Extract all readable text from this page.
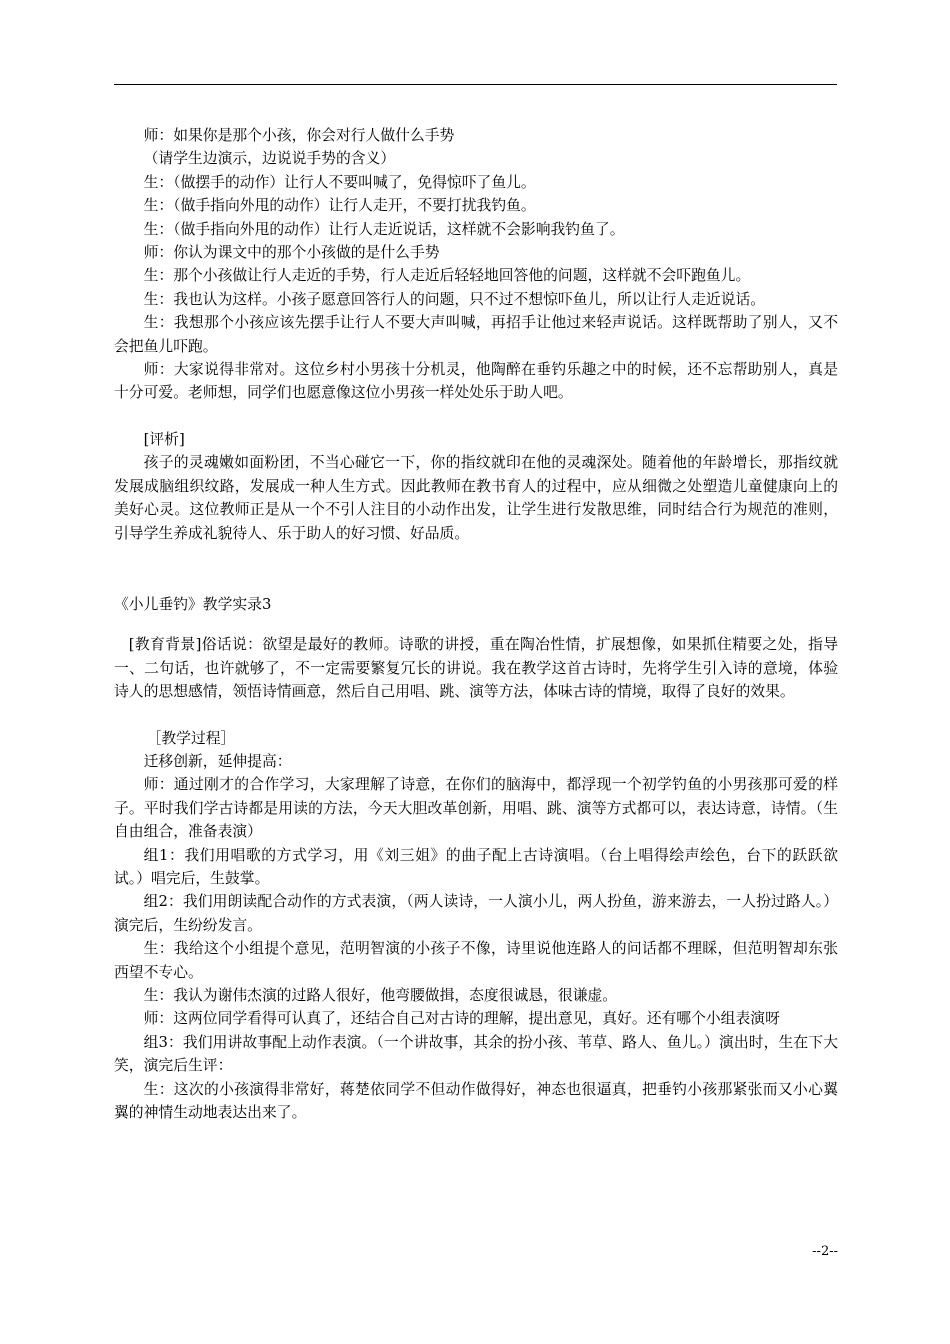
师：如果你是那个小孩，你会对行人做什么手势

（请学生边演示，边说说手势的含义）

生：（做摆手的动作）让行人不要叫喊了，免得惊吓了鱼儿。

生：（做手指向外甩的动作）让行人走开，不要打扰我钓鱼。

生：（做手指向外甩的动作）让行人走近说话，这样就不会影响我钓鱼了。

师：你认为课文中的那个小孩做的是什么手势

生：那个小孩做让行人走近的手势，行人走近后轻轻地回答他的问题，这样就不会吓跑鱼儿。

生：我也认为这样。小孩子愿意回答行人的问题，只不过不想惊吓鱼儿，所以让行人走近说话。

生：我想那个小孩应该先摆手让行人不要大声叫喊，再招手让他过来轻声说话。这样既帮助了别人，又不会把鱼儿吓跑。

师：大家说得非常对。这位乡村小男孩十分机灵，他陶醉在垂钓乐趣之中的时候，还不忘帮助别人，真是十分可爱。老师想，同学们也愿意像这位小男孩一样处处乐于助人吧。

[评析]

孩子的灵魂嫩如面粉团，不当心碰它一下，你的指纹就印在他的灵魂深处。随着他的年龄增长，那指纹就发展成脑组织纹路，发展成一种人生方式。因此教师在教书育人的过程中，应从细微之处塑造儿童健康向上的美好心灵。这位教师正是从一个不引人注目的小动作出发，让学生进行发散思维，同时结合行为规范的准则，引导学生养成礼貌待人、乐于助人的好习惯、好品质。

《小儿垂钓》教学实录3

[教育背景]俗话说：欲望是最好的教师。诗歌的讲授，重在陶冶性情，扩展想像，如果抓住精要之处，指导一、二句话，也许就够了，不一定需要繁复冗长的讲说。我在教学这首古诗时，先将学生引入诗的意境，体验诗人的思想感情，领悟诗情画意，然后自己用唱、跳、演等方法，体味古诗的情境，取得了良好的效果。

［教学过程］

迁移创新，延伸提高：

师：通过刚才的合作学习，大家理解了诗意，在你们的脑海中，都浮现一个初学钓鱼的小男孩那可爱的样子。平时我们学古诗都是用读的方法，今天大胆改革创新，用唱、跳、演等方式都可以，表达诗意，诗情。（生自由组合，准备表演）

组1：我们用唱歌的方式学习，用《刘三姐》的曲子配上古诗演唱。（台上唱得绘声绘色，台下的跃跃欲试。）唱完后，生鼓掌。

组2：我们用朗读配合动作的方式表演，（两人读诗，一人演小儿，两人扮鱼，游来游去，一人扮过路人。）演完后，生纷纷发言。

生：我给这个小组提个意见，范明智演的小孩子不像，诗里说他连路人的问话都不理睬，但范明智却东张西望不专心。

生：我认为谢伟杰演的过路人很好，他弯腰做揖，态度很诚恳，很谦虚。

师：这两位同学看得可认真了，还结合自己对古诗的理解，提出意见，真好。还有哪个小组表演呀

组3：我们用讲故事配上动作表演。（一个讲故事，其余的扮小孩、苇草、路人、鱼儿。）演出时，生在下大笑，演完后生评：

生：这次的小孩演得非常好，蒋楚依同学不但动作做得好，神态也很逼真，把垂钓小孩那紧张而又小心翼翼的神情生动地表达出来了。

--2--
